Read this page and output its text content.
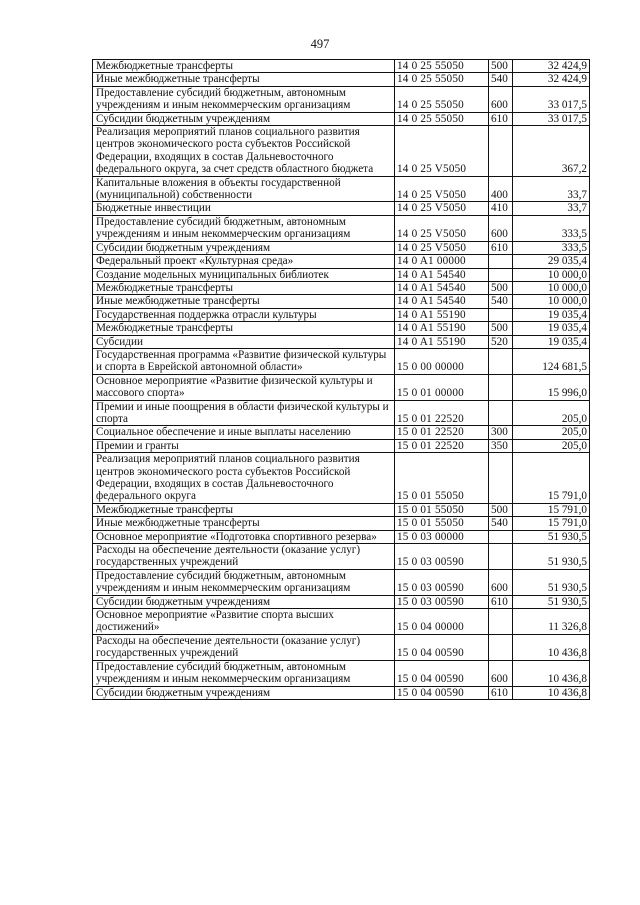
497
Межбюджетные трансферты	14 0 25 55050	500	32 424,9
Иные межбюджетные трансферты	14 0 25 55050	540	32 424,9
Предоставление субсидий бюджетным, автономным учреждениям и иным некоммерческим организациям	14 0 25 55050	600	33 017,5
Субсидии бюджетным учреждениям	14 0 25 55050	610	33 017,5
Реализация мероприятий планов социального развития центров экономического роста субъектов Российской Федерации, входящих в состав Дальневосточного федерального округа, за счет средств областного бюджета	14 0 25 V5050		367,2
Капитальные вложения в объекты государственной (муниципальной) собственности	14 0 25 V5050	400	33,7
Бюджетные инвестиции	14 0 25 V5050	410	33,7
Предоставление субсидий бюджетным, автономным учреждениям и иным некоммерческим организациям	14 0 25 V5050	600	333,5
Субсидии бюджетным учреждениям	14 0 25 V5050	610	333,5
Федеральный проект «Культурная среда»	14 0 A1 00000		29 035,4
Создание модельных муниципальных библиотек	14 0 A1 54540		10 000,0
Межбюджетные трансферты	14 0 A1 54540	500	10 000,0
Иные межбюджетные трансферты	14 0 A1 54540	540	10 000,0
Государственная поддержка отрасли культуры	14 0 A1 55190		19 035,4
Межбюджетные трансферты	14 0 A1 55190	500	19 035,4
Субсидии	14 0 A1 55190	520	19 035,4
Государственная программа «Развитие физической культуры и спорта в Еврейской автономной области»	15 0 00 00000		124 681,5
Основное мероприятие «Развитие физической культуры и массового спорта»	15 0 01 00000		15 996,0
Премии и иные поощрения в области физической культуры и спорта	15 0 01 22520		205,0
Социальное обеспечение и иные выплаты населению	15 0 01 22520	300	205,0
Премии и гранты	15 0 01 22520	350	205,0
Реализация мероприятий планов социального развития центров экономического роста субъектов Российской Федерации, входящих в состав Дальневосточного федерального округа	15 0 01 55050		15 791,0
Межбюджетные трансферты	15 0 01 55050	500	15 791,0
Иные межбюджетные трансферты	15 0 01 55050	540	15 791,0
Основное мероприятие «Подготовка спортивного резерва»	15 0 03 00000		51 930,5
Расходы на обеспечение деятельности (оказание услуг) государственных учреждений	15 0 03 00590		51 930,5
Предоставление субсидий бюджетным, автономным учреждениям и иным некоммерческим организациям	15 0 03 00590	600	51 930,5
Субсидии бюджетным учреждениям	15 0 03 00590	610	51 930,5
Основное мероприятие «Развитие спорта высших достижений»	15 0 04 00000		11 326,8
Расходы на обеспечение деятельности (оказание услуг) государственных учреждений	15 0 04 00590		10 436,8
Предоставление субсидий бюджетным, автономным учреждениям и иным некоммерческим организациям	15 0 04 00590	600	10 436,8
Субсидии бюджетным учреждениям	15 0 04 00590	610	10 436,8
